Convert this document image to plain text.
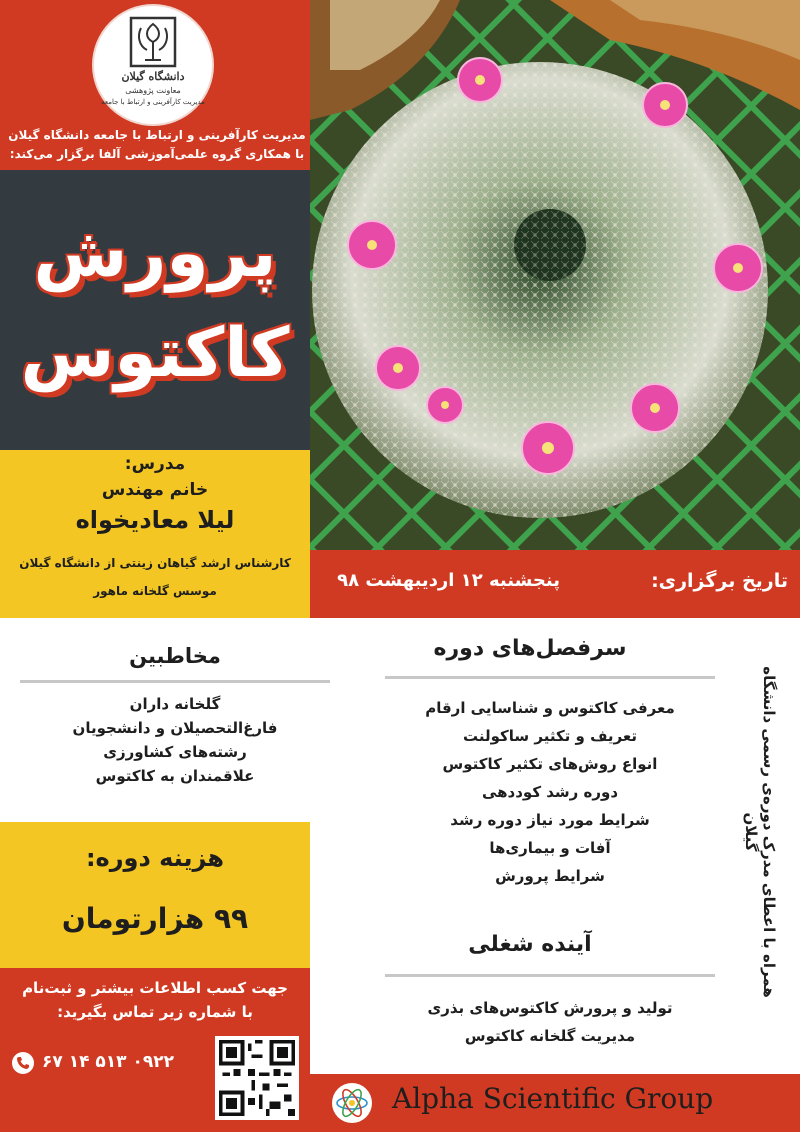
دانشگاه گیلان
معاونت پژوهشی
مدیریت کارآفرینی و ارتباط با جامعه
مدیریت کارآفرینی و ارتباط با جامعه دانشگاه گیلان
با همکاری گروه علمی‌آموزشی آلفا برگزار می‌کند:
پرورش
کاکتوس
مدرس:
خانم مهندس
لیلا معادیخواه
کارشناس ارشد گیاهان زینتی از دانشگاه گیلان
موسس گلخانه ماهور	تاریخ برگزاری:
پنجشنبه ۱۲ اردیبهشت ۹۸
مخاطبین
گلخانه داران
فارغ‌التحصیلان و دانشجویان
رشته‌های کشاورزی
علاقمندان به کاکتوس
سرفصل‌های دوره
معرفی کاکتوس و شناسایی ارقام
تعریف و تکثیر ساکولنت
انواع روش‌های تکثیر کاکتوس
دوره رشد کوددهی
شرایط مورد نیاز دوره رشد
آفات و بیماری‌ها
شرایط پرورش
آینده شغلی
تولید و پرورش کاکتوس‌های بذری
مدیریت گلخانه کاکتوس
همراه با اعطای مدرک دوره‌ی رسمی دانشگاه گیلان
هزینه دوره:
۹۹ هزارتومان
جهت کسب اطلاعات بیشتر و ثبت‌نام
با شماره زیر تماس بگیرید:
۰۹۲۲ ۵۱۳ ۱۴ ۶۷
Alpha Scientific Group
